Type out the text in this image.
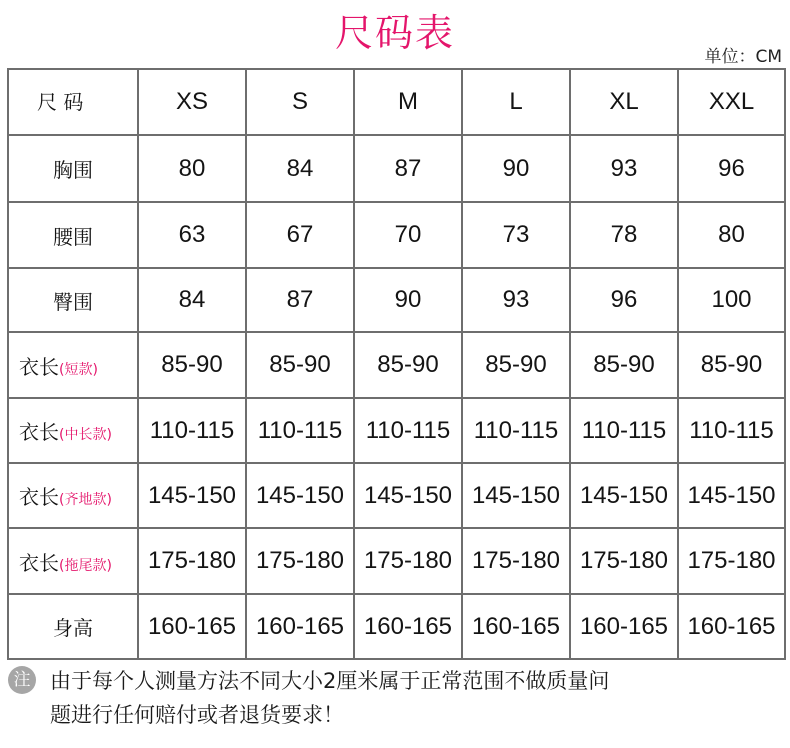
尺码表
单位：CM
尺 码	XS	S	M	L	XL	XXL
胸围	80	84	87	90	93	96
腰围	63	67	70	73	78	80
臀围	84	87	90	93	96	100
衣长(短款)	85-90	85-90	85-90	85-90	85-90	85-90
衣长(中长款)	110-115	110-115	110-115	110-115	110-115	110-115
衣长(齐地款)	145-150	145-150	145-150	145-150	145-150	145-150
衣长(拖尾款)	175-180	175-180	175-180	175-180	175-180	175-180
身高	160-165	160-165	160-165	160-165	160-165	160-165
注 由于每个人测量方法不同大小2厘米属于正常范围不做质量问
题进行任何赔付或者退货要求！
